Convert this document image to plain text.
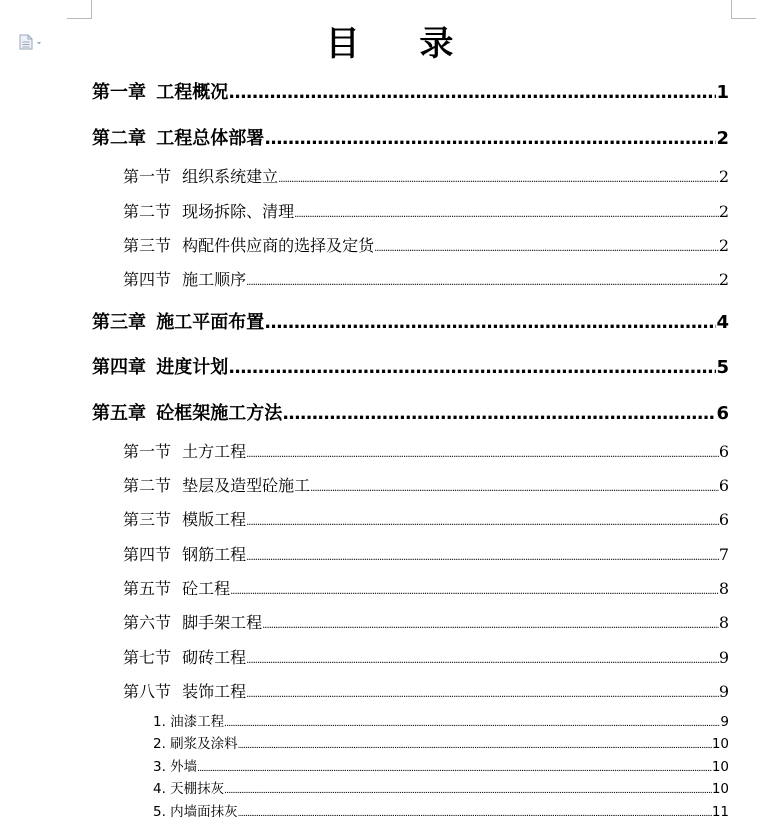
目 录
第一章 工程概况 .....	1
第二章 工程总体部署 .....	2
第一节 组织系统建立 .....	2
第二节 现场拆除、清理 .....	2
第三节 构配件供应商的选择及定货 .....	2
第四节 施工顺序 .....	2
第三章 施工平面布置 .....	4
第四章 进度计划 .....	5
第五章 砼框架施工方法 .....	6
第一节 土方工程 .....	6
第二节 垫层及造型砼施工 .....	6
第三节 模版工程 .....	6
第四节 钢筋工程 .....	7
第五节 砼工程 .....	8
第六节 脚手架工程 .....	8
第七节 砌砖工程 .....	9
第八节 装饰工程 .....	9
1. 油漆工程 .....	9
2. 刷浆及涂料 .....	10
3. 外墙 .....	10
4. 天棚抹灰 .....	10
5. 内墙面抹灰 .....	11
